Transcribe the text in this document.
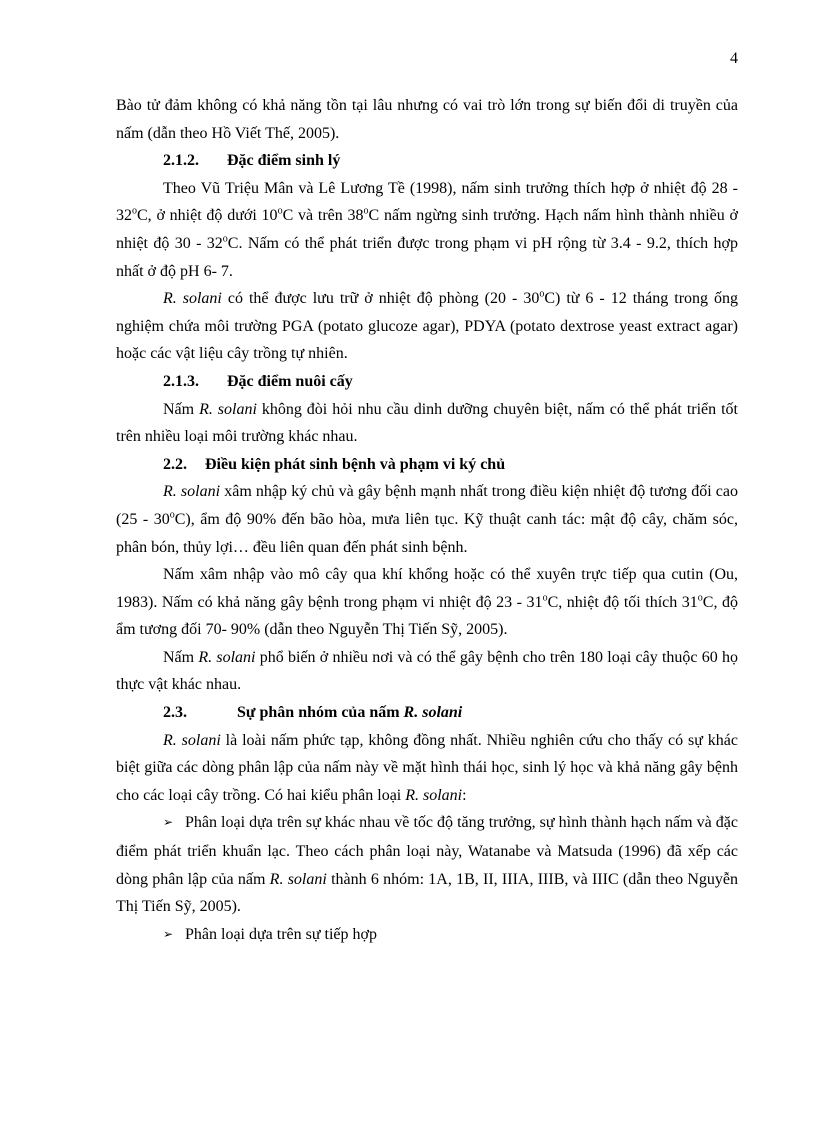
4

Bào tử đảm không có khả năng tồn tại lâu nhưng có vai trò lớn trong sự biến đổi di truyền của nấm (dẫn theo Hồ Viết Thế, 2005).

2.1.2. Đặc điểm sinh lý

Theo Vũ Triệu Mân và Lê Lương Tề (1998), nấm sinh trưởng thích hợp ở nhiệt độ 28 - 32$^o$C, ở nhiệt độ dưới 10$^o$C và trên 38$^o$C nấm ngừng sinh trưởng. Hạch nấm hình thành nhiều ở nhiệt độ 30 - 32$^o$C. Nấm có thể phát triển được trong phạm vi pH rộng từ 3.4 - 9.2, thích hợp nhất ở độ pH 6- 7.

R. solani có thể được lưu trữ ở nhiệt độ phòng (20 - 30$^o$C) từ 6 - 12 tháng trong ống nghiệm chứa môi trường PGA (potato glucoze agar), PDYA (potato dextrose yeast extract agar) hoặc các vật liệu cây trồng tự nhiên.

2.1.3. Đặc điểm nuôi cấy

Nấm R. solani không đòi hỏi nhu cầu dinh dưỡng chuyên biệt, nấm có thể phát triển tốt trên nhiều loại môi trường khác nhau.

2.2. Điều kiện phát sinh bệnh và phạm vi ký chủ

R. solani xâm nhập ký chủ và gây bệnh mạnh nhất trong điều kiện nhiệt độ tương đối cao (25 - 30$^o$C), ẩm độ 90% đến bão hòa, mưa liên tục. Kỹ thuật canh tác: mật độ cây, chăm sóc, phân bón, thủy lợi… đều liên quan đến phát sinh bệnh.

Nấm xâm nhập vào mô cây qua khí khổng hoặc có thể xuyên trực tiếp qua cutin (Ou, 1983). Nấm có khả năng gây bệnh trong phạm vi nhiệt độ 23 - 31$^o$C, nhiệt độ tối thích 31$^o$C, độ ẩm tương đối 70- 90% (dẫn theo Nguyễn Thị Tiến Sỹ, 2005).

Nấm R. solani phổ biến ở nhiều nơi và có thể gây bệnh cho trên 180 loại cây thuộc 60 họ thực vật khác nhau.

2.3.	Sự phân nhóm của nấm R. solani

R. solani là loài nấm phức tạp, không đồng nhất. Nhiều nghiên cứu cho thấy có sự khác biệt giữa các dòng phân lập của nấm này về mặt hình thái học, sinh lý học và khả năng gây bệnh cho các loại cây trồng. Có hai kiểu phân loại R. solani:

➢ Phân loại dựa trên sự khác nhau về tốc độ tăng trưởng, sự hình thành hạch nấm và đặc điểm phát triển khuẩn lạc. Theo cách phân loại này, Watanabe và Matsuda (1996) đã xếp các dòng phân lập của nấm R. solani thành 6 nhóm: 1A, 1B, II, IIIA, IIIB, và IIIC (dẫn theo Nguyễn Thị Tiến Sỹ, 2005).

➢ Phân loại dựa trên sự tiếp hợp
